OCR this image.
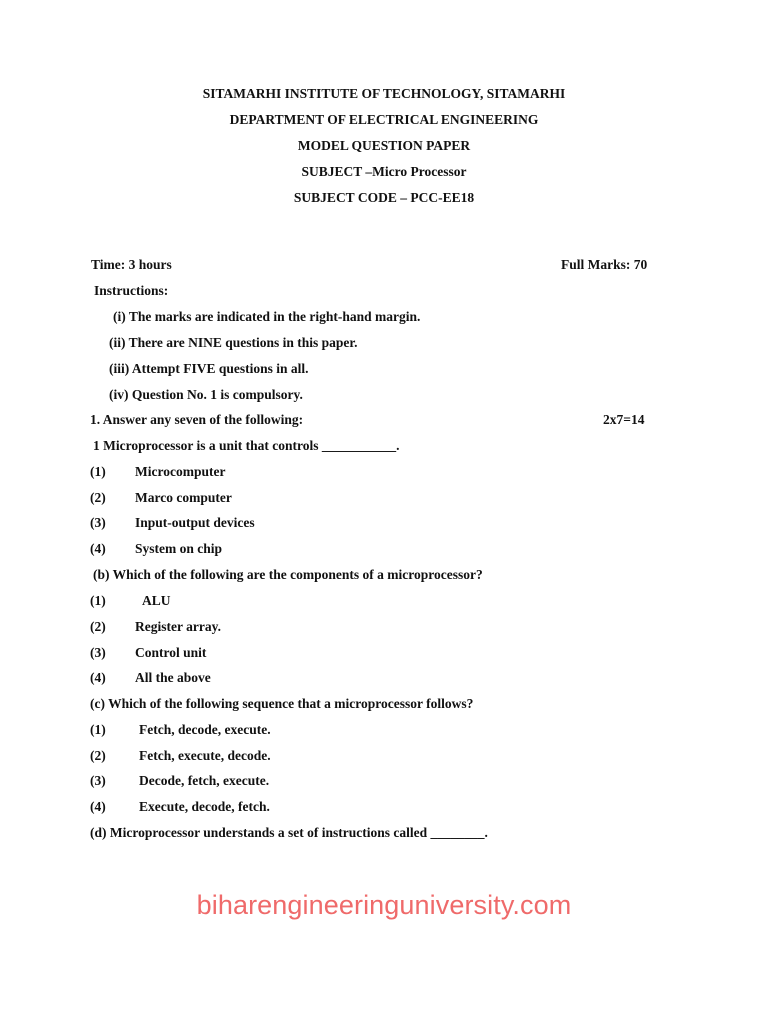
SITAMARHI INSTITUTE OF TECHNOLOGY, SITAMARHI
DEPARTMENT OF ELECTRICAL ENGINEERING
MODEL QUESTION PAPER
SUBJECT –Micro Processor
SUBJECT CODE – PCC-EE18
Time: 3 hours	Full Marks: 70
Instructions:
(i) The marks are indicated in the right-hand margin.
(ii) There are NINE questions in this paper.
(iii) Attempt FIVE questions in all.
(iv) Question No. 1 is compulsory.
1. Answer any seven of the following:	2x7=14
1 Microprocessor is a unit that controls ___________.
(1) Microcomputer
(2) Marco computer
(3) Input-output devices
(4) System on chip
(b) Which of the following are the components of a microprocessor?
(1)	ALU
(2) Register array.
(3) Control unit
(4) All the above
(c) Which of the following sequence that a microprocessor follows?
(1) Fetch, decode, execute.
(2) Fetch, execute, decode.
(3) Decode, fetch, execute.
(4) Execute, decode, fetch.
(d) Microprocessor understands a set of instructions called ________.
biharengineeringuniversity.com
